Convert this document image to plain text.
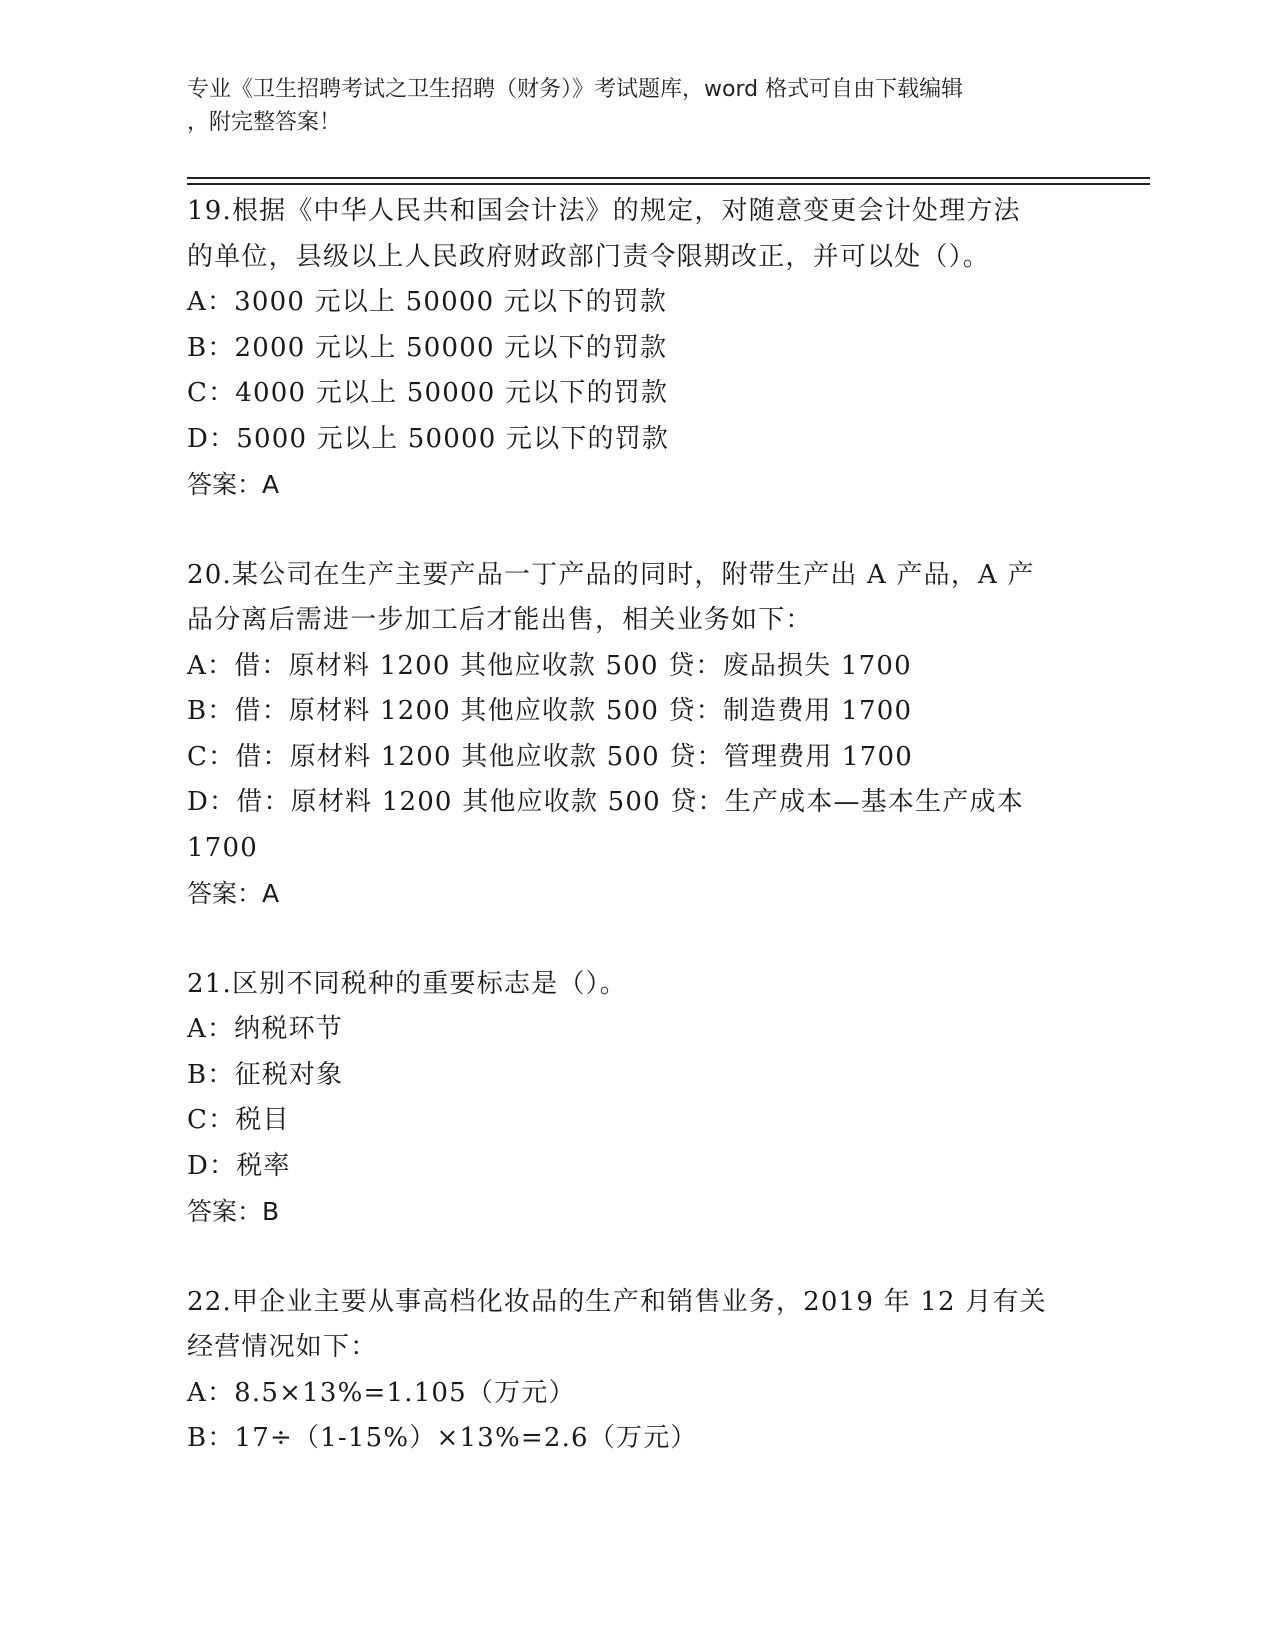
专业《卫生招聘考试之卫生招聘（财务）》考试题库，word 格式可自由下载编辑
，附完整答案！
19.根据《中华人民共和国会计法》的规定，对随意变更会计处理方法
的单位，县级以上人民政府财政部门责令限期改正，并可以处（）。
A：3000 元以上 50000 元以下的罚款
B：2000 元以上 50000 元以下的罚款
C：4000 元以上 50000 元以下的罚款
D：5000 元以上 50000 元以下的罚款
答案：A
20.某公司在生产主要产品一丁产品的同时，附带生产出 A 产品，A 产
品分离后需进一步加工后才能出售，相关业务如下：
A：借：原材料 1200 其他应收款 500 贷：废品损失 1700
B：借：原材料 1200 其他应收款 500 贷：制造费用 1700
C：借：原材料 1200 其他应收款 500 贷：管理费用 1700
D：借：原材料 1200 其他应收款 500 贷：生产成本—基本生产成本
1700
答案：A
21.区别不同税种的重要标志是（）。
A：纳税环节
B：征税对象
C：税目
D：税率
答案：B
22.甲企业主要从事高档化妆品的生产和销售业务，2019 年 12 月有关
经营情况如下：
A：8.5×13%=1.105（万元）
B：17÷（1-15%）×13%=2.6（万元）
